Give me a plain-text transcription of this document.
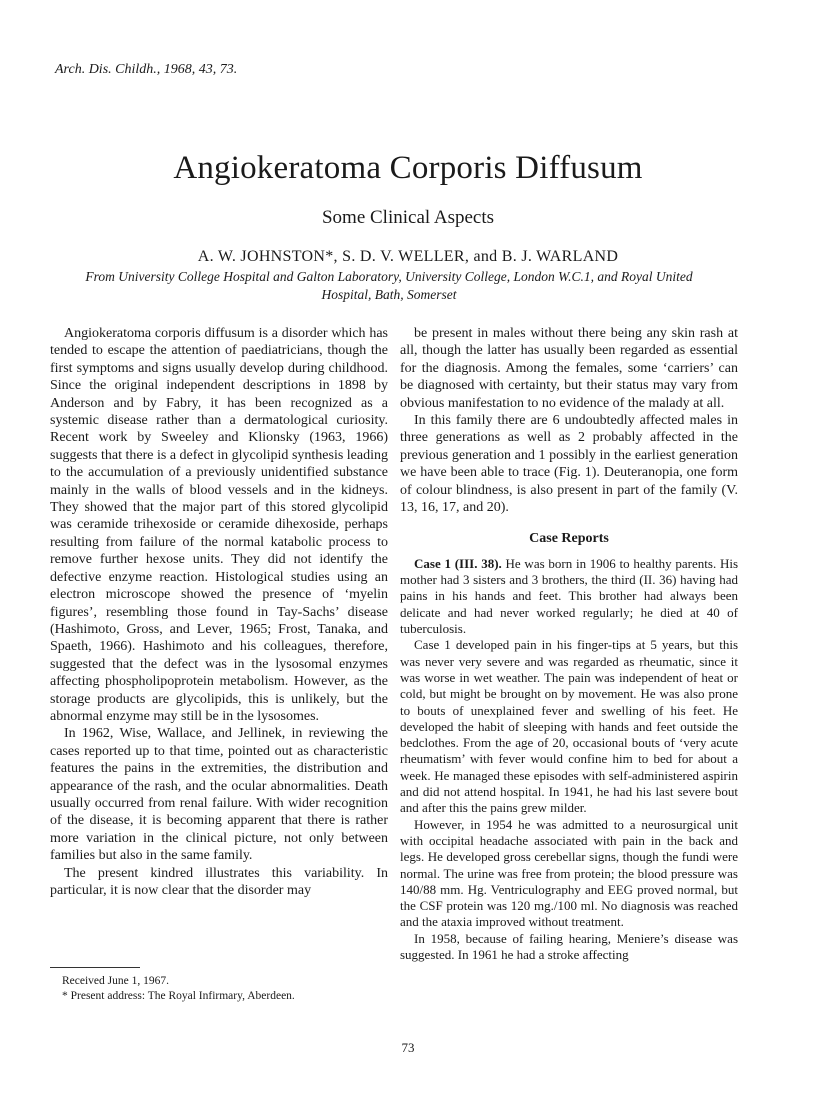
Arch. Dis. Childh., 1968, 43, 73.
Angiokeratoma Corporis Diffusum
Some Clinical Aspects
A. W. JOHNSTON*, S. D. V. WELLER, and B. J. WARLAND
From University College Hospital and Galton Laboratory, University College, London W.C.1, and Royal United Hospital, Bath, Somerset

Angiokeratoma corporis diffusum is a disorder which has tended to escape the attention of paediatricians, though the first symptoms and signs usually develop during childhood. Since the original independent descriptions in 1898 by Anderson and by Fabry, it has been recognized as a systemic disease rather than a dermatological curiosity. Recent work by Sweeley and Klionsky (1963, 1966) suggests that there is a defect in glycolipid synthesis leading to the accumulation of a previously unidentified substance mainly in the walls of blood vessels and in the kidneys. They showed that the major part of this stored glycolipid was ceramide trihexoside or ceramide dihexoside, perhaps resulting from failure of the normal katabolic process to remove further hexose units. They did not identify the defective enzyme reaction. Histological studies using an electron microscope showed the presence of ‘myelin figures’, resembling those found in Tay-Sachs’ disease (Hashimoto, Gross, and Lever, 1965; Frost, Tanaka, and Spaeth, 1966). Hashimoto and his colleagues, therefore, suggested that the defect was in the lysosomal enzymes affecting phospholipoprotein metabolism. However, as the storage products are glycolipids, this is unlikely, but the abnormal enzyme may still be in the lysosomes.

In 1962, Wise, Wallace, and Jellinek, in reviewing the cases reported up to that time, pointed out as characteristic features the pains in the extremities, the distribution and appearance of the rash, and the ocular abnormalities. Death usually occurred from renal failure. With wider recognition of the disease, it is becoming apparent that there is rather more variation in the clinical picture, not only between families but also in the same family.

The present kindred illustrates this variability. In particular, it is now clear that the disorder may

be present in males without there being any skin rash at all, though the latter has usually been regarded as essential for the diagnosis. Among the females, some ‘carriers’ can be diagnosed with certainty, but their status may vary from obvious manifestation to no evidence of the malady at all.

In this family there are 6 undoubtedly affected males in three generations as well as 2 probably affected in the previous generation and 1 possibly in the earliest generation we have been able to trace (Fig. 1). Deuteranopia, one form of colour blindness, is also present in part of the family (V. 13, 16, 17, and 20).

Case Reports

Case 1 (III. 38). He was born in 1906 to healthy parents. His mother had 3 sisters and 3 brothers, the third (II. 36) having had pains in his hands and feet. This brother had always been delicate and had never worked regularly; he died at 40 of tuberculosis.

Case 1 developed pain in his finger-tips at 5 years, but this was never very severe and was regarded as rheumatic, since it was worse in wet weather. The pain was independent of heat or cold, but might be brought on by movement. He was also prone to bouts of unexplained fever and swelling of his feet. He developed the habit of sleeping with hands and feet outside the bedclothes. From the age of 20, occasional bouts of ‘very acute rheumatism’ with fever would confine him to bed for about a week. He managed these episodes with self-administered aspirin and did not attend hospital. In 1941, he had his last severe bout and after this the pains grew milder.

However, in 1954 he was admitted to a neurosurgical unit with occipital headache associated with pain in the back and legs. He developed gross cerebellar signs, though the fundi were normal. The urine was free from protein; the blood pressure was 140/88 mm. Hg. Ventriculography and EEG proved normal, but the CSF protein was 120 mg./100 ml. No diagnosis was reached and the ataxia improved without treatment.

In 1958, because of failing hearing, Meniere’s disease was suggested. In 1961 he had a stroke affecting

Received June 1, 1967.
* Present address: The Royal Infirmary, Aberdeen.
73
